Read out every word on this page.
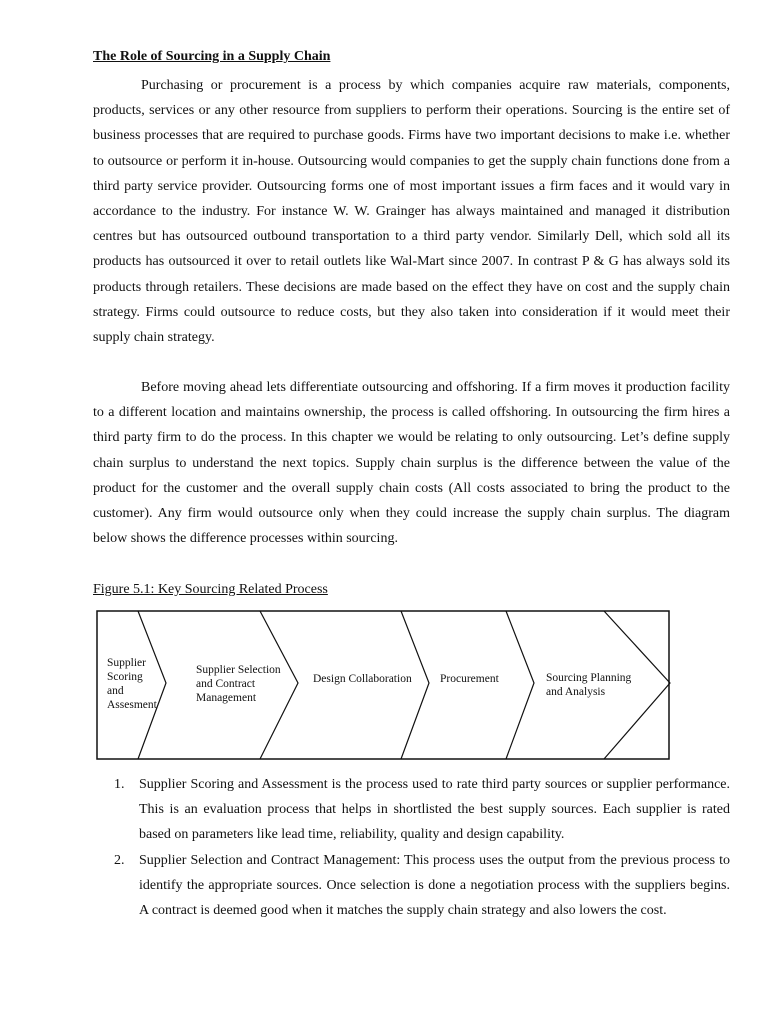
The Role of Sourcing in a Supply Chain

Purchasing or procurement is a process by which companies acquire raw materials, components, products, services or any other resource from suppliers to perform their operations. Sourcing is the entire set of business processes that are required to purchase goods. Firms have two important decisions to make i.e. whether to outsource or perform it in-house. Outsourcing would companies to get the supply chain functions done from a third party service provider. Outsourcing forms one of most important issues a firm faces and it would vary in accordance to the industry. For instance W. W. Grainger has always maintained and managed it distribution centres but has outsourced outbound transportation to a third party vendor. Similarly Dell, which sold all its products has outsourced it over to retail outlets like Wal-Mart since 2007. In contrast P & G has always sold its products through retailers. These decisions are made based on the effect they have on cost and the supply chain strategy. Firms could outsource to reduce costs, but they also taken into consideration if it would meet their supply chain strategy.

Before moving ahead lets differentiate outsourcing and offshoring. If a firm moves it production facility to a different location and maintains ownership, the process is called offshoring. In outsourcing the firm hires a third party firm to do the process. In this chapter we would be relating to only outsourcing. Let’s define supply chain surplus to understand the next topics. Supply chain surplus is the difference between the value of the product for the customer and the overall supply chain costs (All costs associated to bring the product to the customer). Any firm would outsource only when they could increase the supply chain surplus. The diagram below shows the difference processes within sourcing.

Figure 5.1: Key Sourcing Related Process
Supplier Scoring and Assesment
Supplier Selection and Contract Management
Design Collaboration Procurement	Sourcing Planning and Analysis
1. Supplier Scoring and Assessment is the process used to rate third party sources or supplier performance. This is an evaluation process that helps in shortlisted the best supply sources. Each supplier is rated based on parameters like lead time, reliability, quality and design capability.
2. Supplier Selection and Contract Management: This process uses the output from the previous process to identify the appropriate sources. Once selection is done a negotiation process with the suppliers begins. A contract is deemed good when it matches the supply chain strategy and also lowers the cost.
